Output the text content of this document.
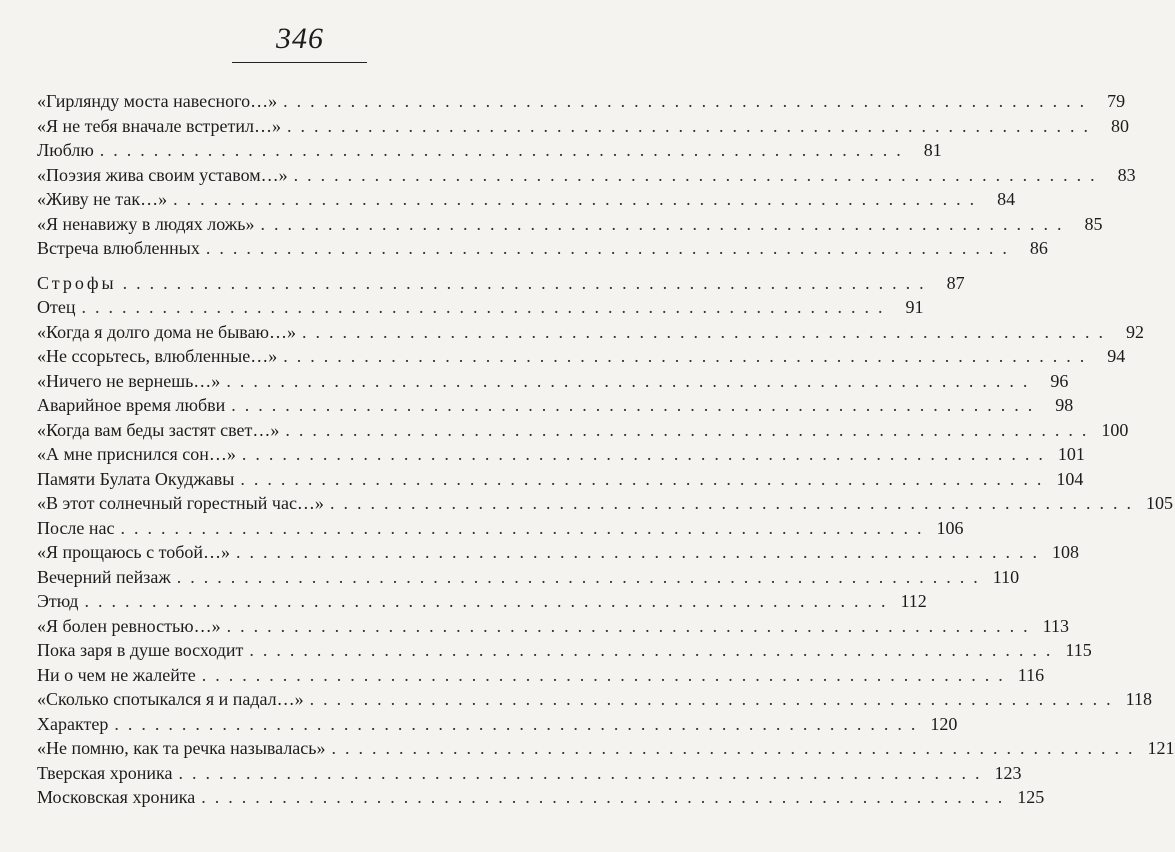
346
«Гирлянду моста навесного…» ............................................................ 79
«Я не тебя вначале встретил…» ............................................................ 80
Люблю ............................................................ 81
«Поэзия жива своим уставом…» ............................................................ 83
«Живу не так…» ............................................................ 84
«Я ненавижу в людях ложь» ............................................................ 85
Встреча влюбленных ............................................................ 86
Строфы ............................................................ 87
Отец ............................................................ 91
«Когда я долго дома не бываю…» ............................................................ 92
«Не ссорьтесь, влюбленные…» ............................................................ 94
«Ничего не вернешь…» ............................................................ 96
Аварийное время любви ............................................................ 98
«Когда вам беды застят свет…» ............................................................ 100
«А мне приснился сон…» ............................................................ 101
Памяти Булата Окуджавы ............................................................ 104
«В этот солнечный горестный час…» ............................................................ 105
После нас ............................................................ 106
«Я прощаюсь с тобой…» ............................................................ 108
Вечерний пейзаж ............................................................ 110
Этюд ............................................................ 112
«Я болен ревностью…» ............................................................ 113
Пока заря в душе восходит ............................................................ 115
Ни о чем не жалейте ............................................................ 116
«Сколько спотыкался я и падал…» ............................................................ 118
Характер ............................................................ 120
«Не помню, как та речка называлась» ............................................................ 121
Тверская хроника ............................................................ 123
Московская хроника ............................................................ 125
